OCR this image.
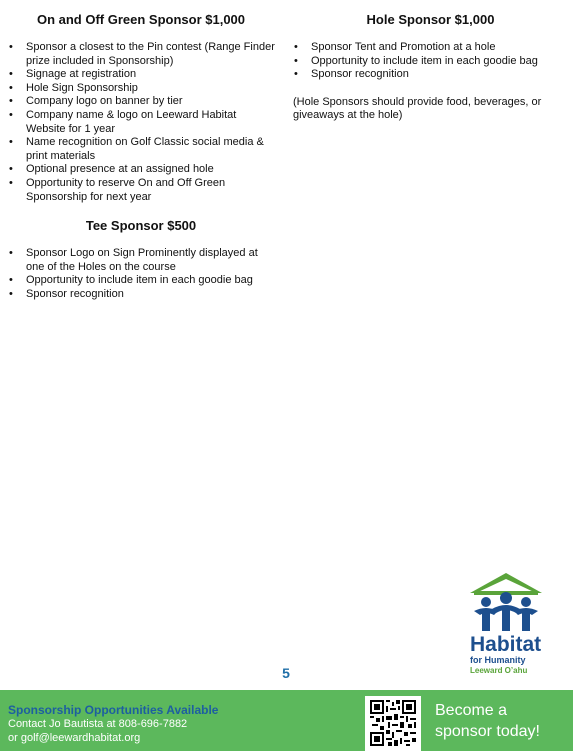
On and Off Green Sponsor $1,000
• Sponsor a closest to the Pin contest (Range Finder prize included in Sponsorship)
• Signage at registration
• Hole Sign Sponsorship
• Company logo on banner by tier
• Company name & logo on Leeward Habitat Website for 1 year
• Name recognition on Golf Classic social media & print materials
• Optional presence at an assigned hole
• Opportunity to reserve On and Off Green Sponsorship for next year
Tee Sponsor $500
• Sponsor Logo on Sign Prominently displayed at one of the Holes on the course
• Opportunity to include item in each goodie bag
• Sponsor recognition
Hole Sponsor $1,000
• Sponsor Tent and Promotion at a hole
• Opportunity to include item in each goodie bag
• Sponsor recognition
(Hole Sponsors should provide food, beverages, or giveaways at the hole)
5
Habitat
for Humanity
Leeward O’ahu
Sponsorship Opportunities Available
Contact Jo Bautista at 808-696-7882
or golf@leewardhabitat.org
Become a
sponsor today!
